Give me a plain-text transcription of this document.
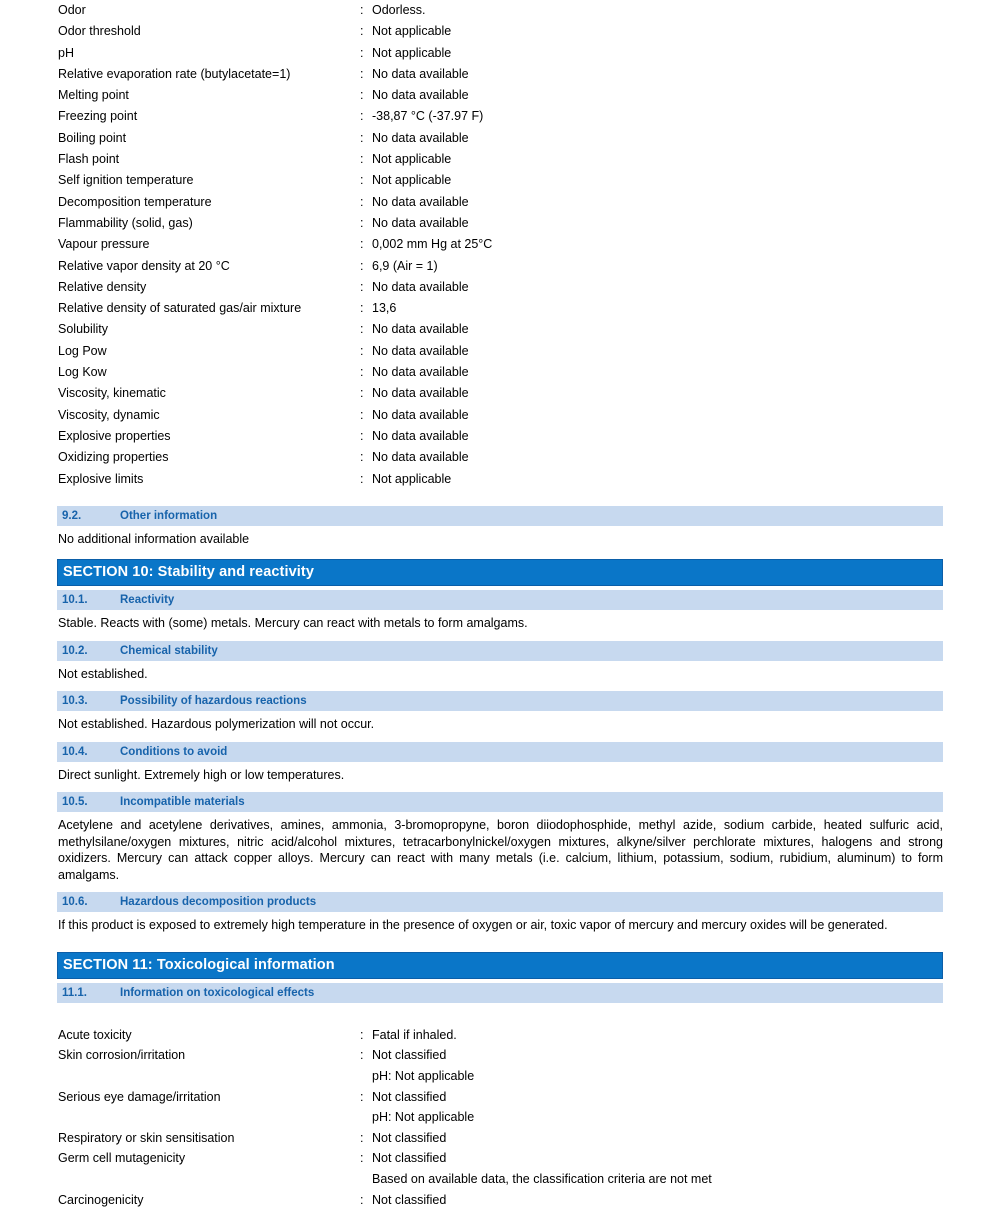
Odor	:	Odorless.
Odor threshold	:	Not applicable
pH	:	Not applicable
Relative evaporation rate (butylacetate=1)	:	No data available
Melting point	:	No data available
Freezing point	:	-38,87 °C (-37.97 F)
Boiling point	:	No data available
Flash point	:	Not applicable
Self ignition temperature	:	Not applicable
Decomposition temperature	:	No data available
Flammability (solid, gas)	:	No data available
Vapour pressure	:	0,002 mm Hg at 25°C
Relative vapor density at 20 °C	:	6,9 (Air = 1)
Relative density	:	No data available
Relative density of saturated gas/air mixture	:	13,6
Solubility	:	No data available
Log Pow	:	No data available
Log Kow	:	No data available
Viscosity, kinematic	:	No data available
Viscosity, dynamic	:	No data available
Explosive properties	:	No data available
Oxidizing properties	:	No data available
Explosive limits	:	Not applicable
9.2.	Other information

No additional information available

SECTION 10: Stability and reactivity
10.1.	Reactivity

Stable. Reacts with (some) metals. Mercury can react with metals to form amalgams.

10.2.	Chemical stability

Not established.

10.3.	Possibility of hazardous reactions

Not established. Hazardous polymerization will not occur.

10.4.	Conditions to avoid

Direct sunlight. Extremely high or low temperatures.

10.5.	Incompatible materials

Acetylene and acetylene derivatives, amines, ammonia, 3-bromopropyne, boron diiodophosphide, methyl azide, sodium carbide, heated sulfuric acid, methylsilane/oxygen mixtures, nitric acid/alcohol mixtures, tetracarbonylnickel/oxygen mixtures, alkyne/silver perchlorate mixtures, halogens and strong oxidizers. Mercury can attack copper alloys. Mercury can react with many metals (i.e. calcium, lithium, potassium, sodium, rubidium, aluminum) to form amalgams.

10.6.	Hazardous decomposition products

If this product is exposed to extremely high temperature in the presence of oxygen or air, toxic vapor of mercury and mercury oxides will be generated.

SECTION 11: Toxicological information
11.1.	Information on toxicological effects
Acute toxicity	:	Fatal if inhaled.

Skin corrosion/irritation	:	Not classified
pH: Not applicable

Serious eye damage/irritation	:	Not classified
pH: Not applicable

Respiratory or skin sensitisation	:	Not classified

Germ cell mutagenicity	:	Not classified
Based on available data, the classification criteria are not met

Carcinogenicity	:	Not classified
